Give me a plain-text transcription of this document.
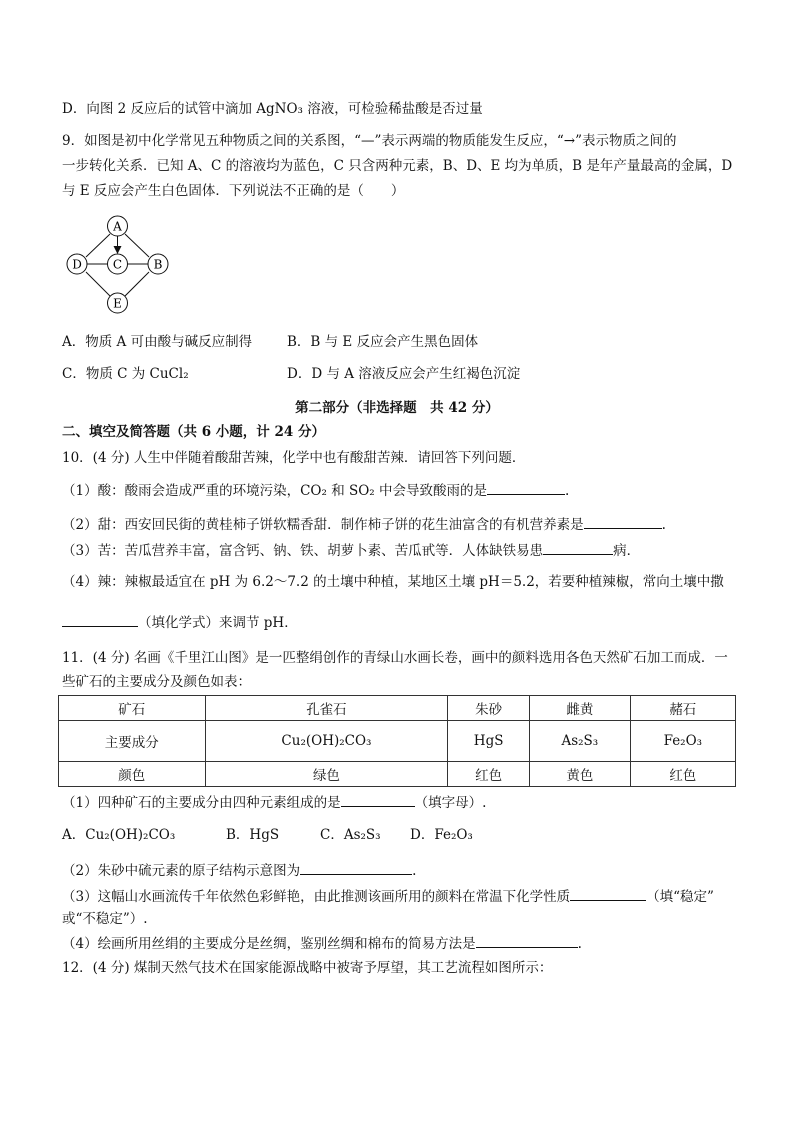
D．向图 2 反应后的试管中滴加 AgNO₃ 溶液，可检验稀盐酸是否过量
9．如图是初中化学常见五种物质之间的关系图，“—”表示两端的物质能发生反应，“→”表示物质之间的
一步转化关系．已知 A、C 的溶液均为蓝色，C 只含两种元素，B、D、E 均为单质，B 是年产量最高的金属，D
与 E 反应会产生白色固体．下列说法不正确的是（　　）
A
D	C	B
E
A．物质 A 可由酸与碱反应制得	B．B 与 E 反应会产生黑色固体
C．物质 C 为 CuCl₂	D．D 与 A 溶液反应会产生红褐色沉淀
第二部分（非选择题　共 42 分）
二、填空及简答题（共 6 小题，计 24 分）
10．(4 分) 人生中伴随着酸甜苦辣，化学中也有酸甜苦辣．请回答下列问题．
（1）酸：酸雨会造成严重的环境污染，CO₂ 和 SO₂ 中会导致酸雨的是	.
（2）甜：西安回民街的黄桂柿子饼软糯香甜．制作柿子饼的花生油富含的有机营养素是	.
（3）苦：苦瓜营养丰富，富含钙、钠、铁、胡萝卜素、苦瓜甙等．人体缺铁易患	病．
（4）辣：辣椒最适宜在 pH 为 6.2～7.2 的土壤中种植，某地区土壤 pH＝5.2，若要种植辣椒，常向土壤中撒
（填化学式）来调节 pH．
11．(4 分) 名画《千里江山图》是一匹整绢创作的青绿山水画长卷，画中的颜料选用各色天然矿石加工而成．一
些矿石的主要成分及颜色如表：
矿石	孔雀石	朱砂	雌黄	赭石
主要成分	Cu₂(OH)₂CO₃	HgS	As₂S₃	Fe₂O₃
颜色	绿色	红色	黄色	红色
（1）四种矿石的主要成分由四种元素组成的是	（填字母）.
A．Cu₂(OH)₂CO₃	B．HgS	C．As₂S₃ D．Fe₂O₃
（2）朱砂中硫元素的原子结构示意图为	.
（3）这幅山水画流传千年依然色彩鲜艳，由此推测该画所用的颜料在常温下化学性质	（填“稳定”
或“不稳定”）.
（4）绘画所用丝绢的主要成分是丝绸，鉴别丝绸和棉布的简易方法是	.
12．(4 分) 煤制天然气技术在国家能源战略中被寄予厚望，其工艺流程如图所示：
